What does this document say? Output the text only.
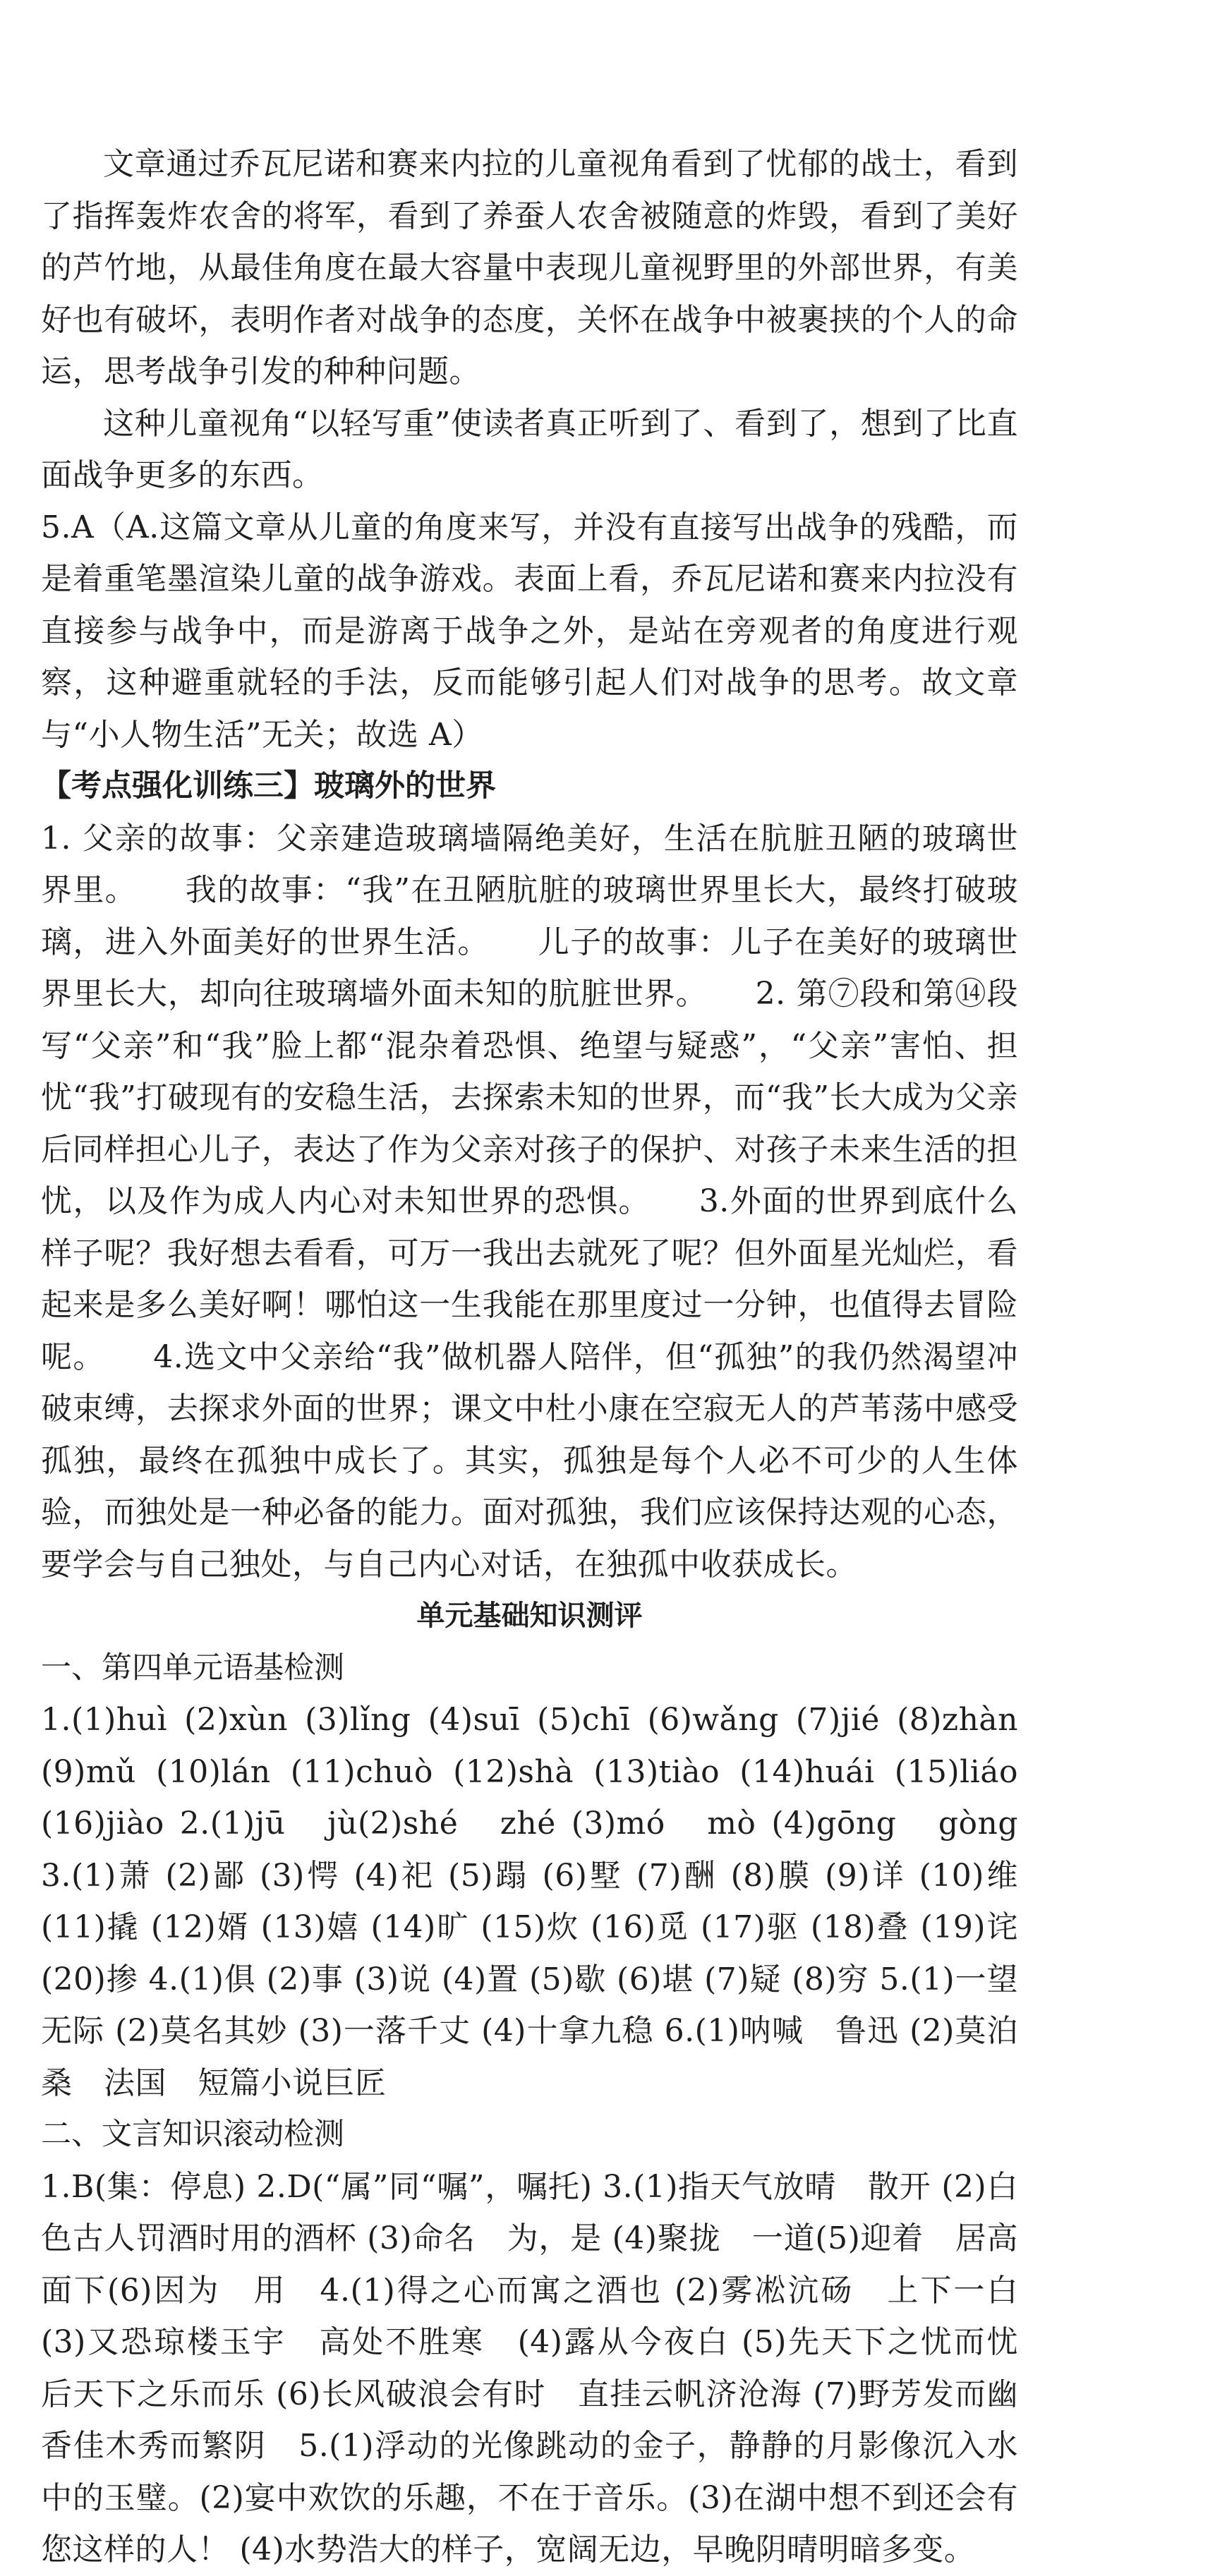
文章通过乔瓦尼诺和赛来内拉的儿童视角看到了忧郁的战士，看到了指挥轰炸农舍的将军，看到了养蚕人农舍被随意的炸毁，看到了美好的芦竹地，从最佳角度在最大容量中表现儿童视野里的外部世界，有美好也有破坏，表明作者对战争的态度，关怀在战争中被裹挟的个人的命运，思考战争引发的种种问题。

这种儿童视角“以轻写重”使读者真正听到了、看到了，想到了比直面战争更多的东西。

5.A（A.这篇文章从儿童的角度来写，并没有直接写出战争的残酷，而是着重笔墨渲染儿童的战争游戏。表面上看，乔瓦尼诺和赛来内拉没有直接参与战争中，而是游离于战争之外，是站在旁观者的角度进行观察，这种避重就轻的手法，反而能够引起人们对战争的思考。故文章与“小人物生活”无关；故选 A）

【考点强化训练三】玻璃外的世界

1. 父亲的故事：父亲建造玻璃墙隔绝美好，生活在肮脏丑陋的玻璃世界里。　　我的故事：“我”在丑陋肮脏的玻璃世界里长大，最终打破玻璃，进入外面美好的世界生活。　　儿子的故事：儿子在美好的玻璃世界里长大，却向往玻璃墙外面未知的肮脏世界。　　2. 第⑦段和第⑭段写“父亲”和“我”脸上都“混杂着恐惧、绝望与疑惑”，“父亲”害怕、担忧“我”打破现有的安稳生活，去探索未知的世界，而“我”长大成为父亲后同样担心儿子，表达了作为父亲对孩子的保护、对孩子未来生活的担忧，以及作为成人内心对未知世界的恐惧。　　3.外面的世界到底什么样子呢？我好想去看看，可万一我出去就死了呢？但外面星光灿烂，看起来是多么美好啊！哪怕这一生我能在那里度过一分钟，也值得去冒险呢。　　4.选文中父亲给“我”做机器人陪伴，但“孤独”的我仍然渴望冲破束缚，去探求外面的世界；课文中杜小康在空寂无人的芦苇荡中感受孤独，最终在孤独中成长了。其实，孤独是每个人必不可少的人生体验，而独处是一种必备的能力。面对孤独，我们应该保持达观的心态，要学会与自己独处，与自己内心对话，在独孤中收获成长。

单元基础知识测评

一、第四单元语基检测

1.(1)huì (2)xùn (3)lǐng (4)suī (5)chī (6)wǎng (7)jié (8)zhàn (9)mǔ (10)lán (11)chuò (12)shà (13)tiào (14)huái (15)liáo (16)jiào 2.(1)jū　jù(2)shé　zhé (3)mó　mò (4)gōng　gòng　3.(1)萧 (2)鄙 (3)愕 (4)祀 (5)蹋 (6)墅 (7)酬 (8)膜 (9)详 (10)维 (11)撬 (12)婿 (13)嬉 (14)旷 (15)炊 (16)觅 (17)驱 (18)叠 (19)诧 (20)掺 4.(1)俱 (2)事 (3)说 (4)置 (5)歇 (6)堪 (7)疑 (8)穷 5.(1)一望无际 (2)莫名其妙 (3)一落千丈 (4)十拿九稳 6.(1)呐喊　鲁迅 (2)莫泊桑　法国　短篇小说巨匠

二、文言知识滚动检测

1.B(集：停息) 2.D(“属”同“嘱”，嘱托) 3.(1)指天气放晴　散开 (2)白色古人罚酒时用的酒杯 (3)命名　为，是 (4)聚拢　一道(5)迎着　居高面下(6)因为　用　4.(1)得之心而寓之酒也 (2)雾凇沆砀　上下一白 (3)又恐琼楼玉宇　高处不胜寒　(4)露从今夜白 (5)先天下之忧而忧　后天下之乐而乐 (6)长风破浪会有时　直挂云帆济沧海 (7)野芳发而幽香佳木秀而繁阴　5.(1)浮动的光像跳动的金子，静静的月影像沉入水中的玉璧。(2)宴中欢饮的乐趣，不在于音乐。(3)在湖中想不到还会有您这样的人！ (4)水势浩大的样子，宽阔无边，早晚阴晴明暗多变。
